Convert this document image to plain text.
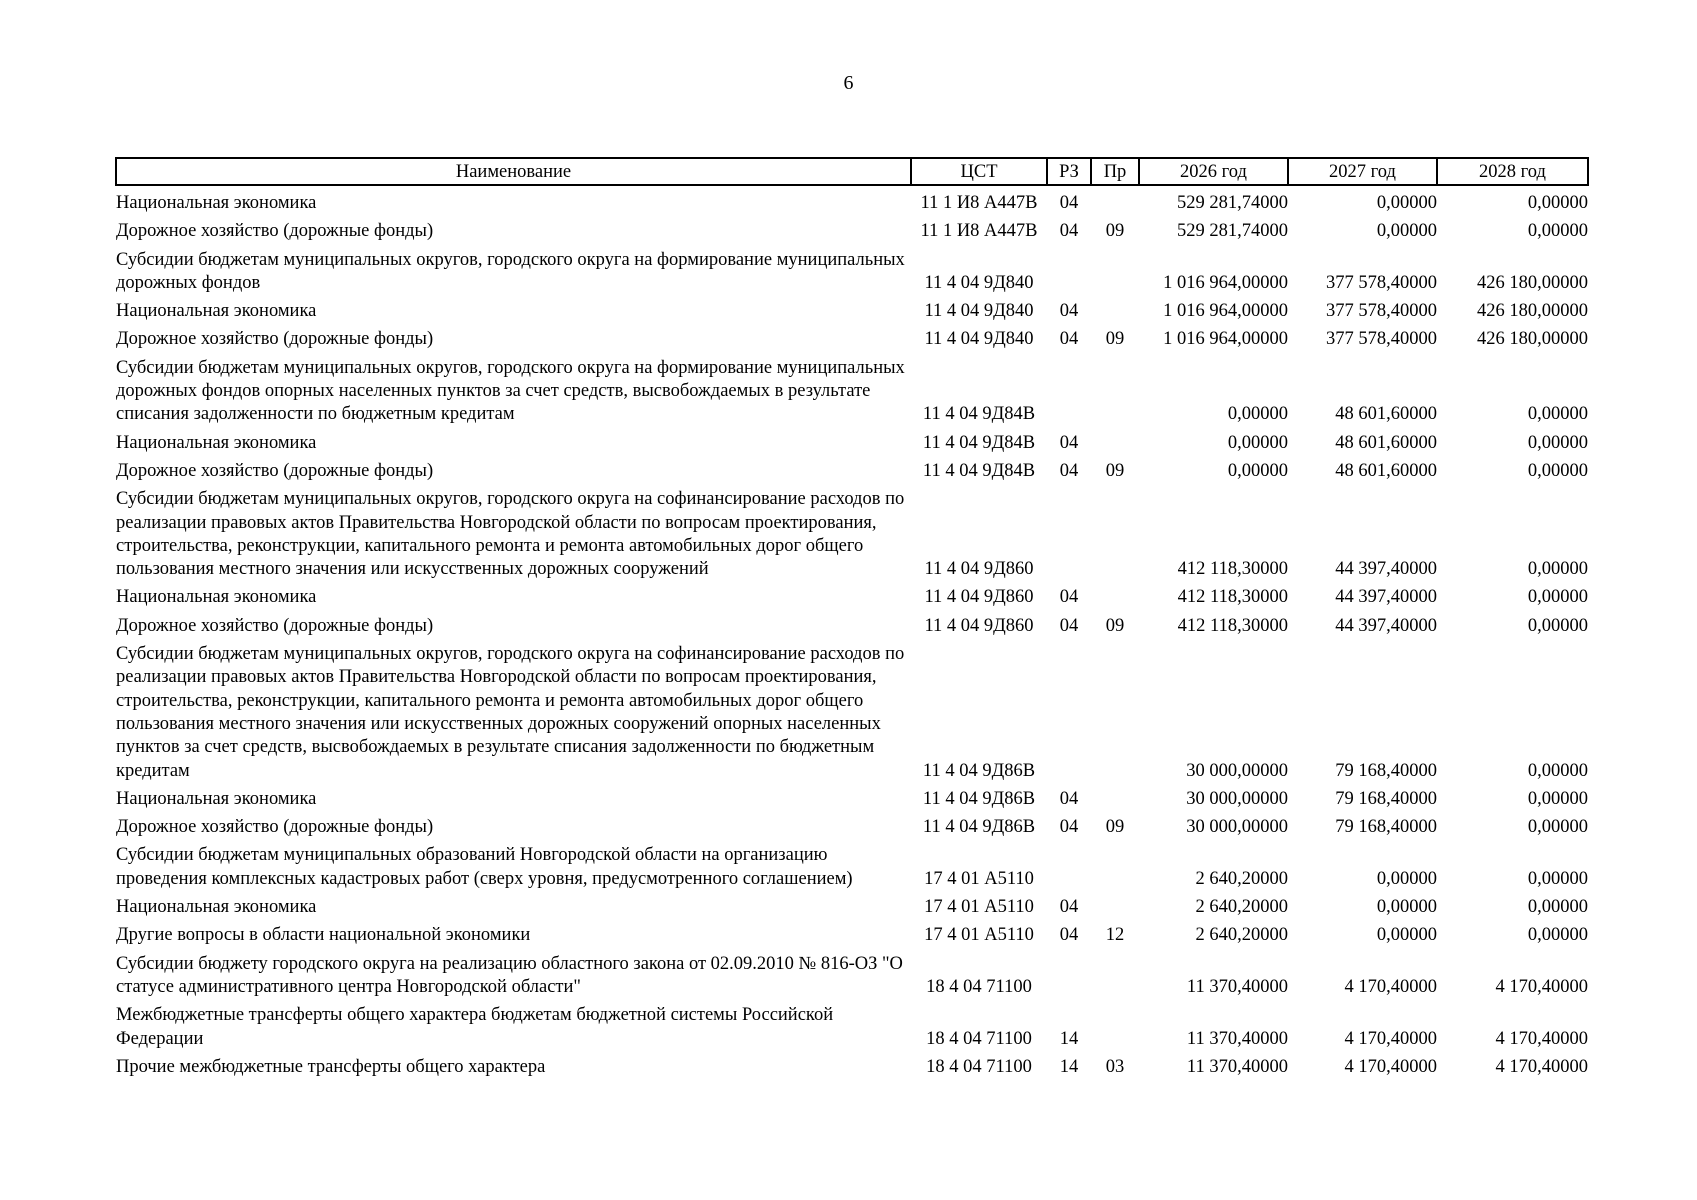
6
Наименование	ЦСТ	РЗ	Пр	2026 год	2027 год	2028 год
Национальная экономика	11 1 И8 А447В	04		529 281,74000	0,00000	0,00000
Дорожное хозяйство (дорожные фонды)	11 1 И8 А447В	04	09	529 281,74000	0,00000	0,00000
Субсидии бюджетам муниципальных округов, городского округа на формирование муниципальных дорожных фондов	11 4 04 9Д840			1 016 964,00000	377 578,40000	426 180,00000
Национальная экономика	11 4 04 9Д840	04		1 016 964,00000	377 578,40000	426 180,00000
Дорожное хозяйство (дорожные фонды)	11 4 04 9Д840	04	09	1 016 964,00000	377 578,40000	426 180,00000
Субсидии бюджетам муниципальных округов, городского округа на формирование муниципальных дорожных фондов опорных населенных пунктов за счет средств, высвобождаемых в результате списания задолженности по бюджетным кредитам	11 4 04 9Д84В			0,00000	48 601,60000	0,00000
Национальная экономика	11 4 04 9Д84В	04		0,00000	48 601,60000	0,00000
Дорожное хозяйство (дорожные фонды)	11 4 04 9Д84В	04	09	0,00000	48 601,60000	0,00000
Субсидии бюджетам муниципальных округов, городского округа на софинансирование расходов по реализации правовых актов Правительства Новгородской области по вопросам проектирования, строительства, реконструкции, капитального ремонта и ремонта автомобильных дорог общего пользования местного значения или искусственных дорожных сооружений	11 4 04 9Д860			412 118,30000	44 397,40000	0,00000
Национальная экономика	11 4 04 9Д860	04		412 118,30000	44 397,40000	0,00000
Дорожное хозяйство (дорожные фонды)	11 4 04 9Д860	04	09	412 118,30000	44 397,40000	0,00000
Субсидии бюджетам муниципальных округов, городского округа на софинансирование расходов по реализации правовых актов Правительства Новгородской области по вопросам проектирования, строительства, реконструкции, капитального ремонта и ремонта автомобильных дорог общего пользования местного значения или искусственных дорожных сооружений опорных населенных пунктов за счет средств, высвобождаемых в результате списания задолженности по бюджетным кредитам	11 4 04 9Д86В			30 000,00000	79 168,40000	0,00000
Национальная экономика	11 4 04 9Д86В	04		30 000,00000	79 168,40000	0,00000
Дорожное хозяйство (дорожные фонды)	11 4 04 9Д86В	04	09	30 000,00000	79 168,40000	0,00000
Субсидии бюджетам муниципальных образований Новгородской области на организацию проведения комплексных кадастровых работ (сверх уровня, предусмотренного соглашением)	17 4 01 А5110			2 640,20000	0,00000	0,00000
Национальная экономика	17 4 01 А5110	04		2 640,20000	0,00000	0,00000
Другие вопросы в области национальной экономики	17 4 01 А5110	04	12	2 640,20000	0,00000	0,00000
Субсидии бюджету городского округа на реализацию областного закона от 02.09.2010 № 816-ОЗ "О статусе административного центра Новгородской области"	18 4 04 71100			11 370,40000	4 170,40000	4 170,40000
Межбюджетные трансферты общего характера бюджетам бюджетной системы Российской Федерации	18 4 04 71100	14		11 370,40000	4 170,40000	4 170,40000
Прочие межбюджетные трансферты общего характера	18 4 04 71100	14	03	11 370,40000	4 170,40000	4 170,40000
